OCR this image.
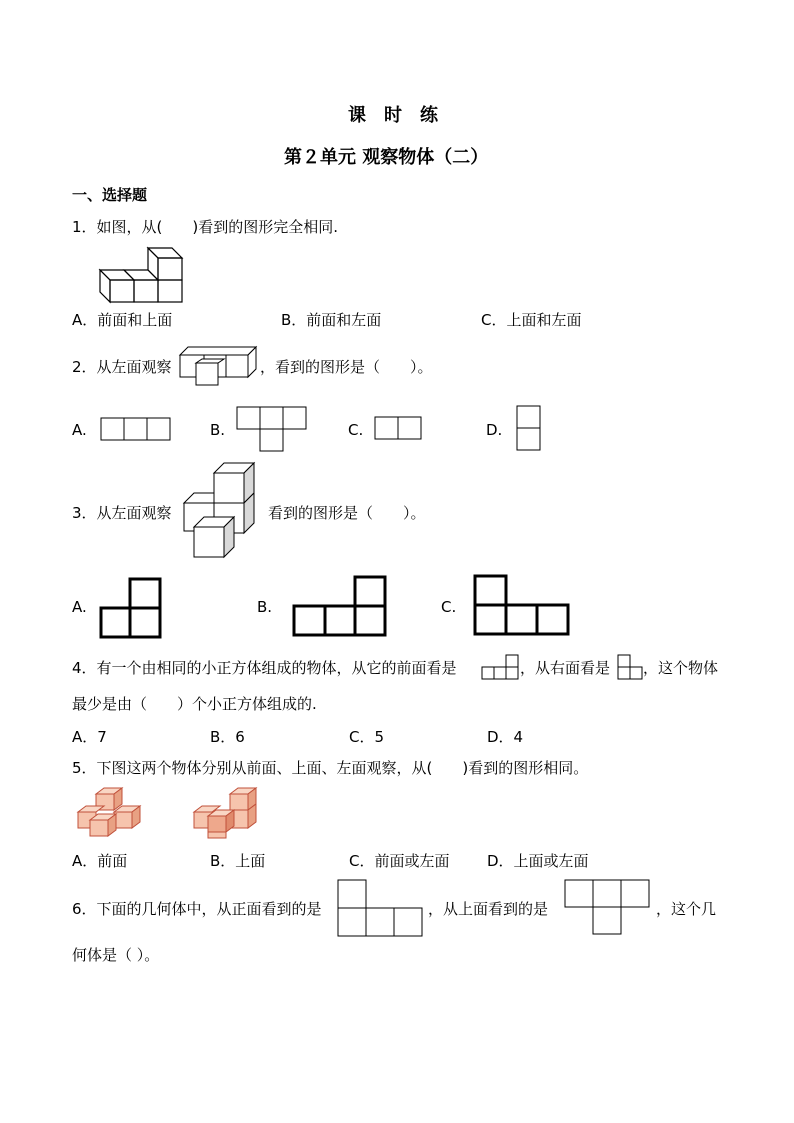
课　时　练
第２单元 观察物体（二）
一、选择题
1．如图，从(　　)看到的图形完全相同.
A．前面和上面	B．前面和左面	C．上面和左面
2．从左面观察	，看到的图形是（　　）。
A.	B.	C.	D.
3．从左面观察	看到的图形是（　　）。
A.	B.	C.
4．有一个由相同的小正方体组成的物体，从它的前面看是	，从右面看是 ，这个物体
最少是由（　　）个小正方体组成的.
A．7	B．6	C．5	D．4
5．下图这两个物体分别从前面、上面、左面观察，从(　　)看到的图形相同。
A．前面	B．上面	C．前面或左面	D．上面或左面
6．下面的几何体中，从正面看到的是	，从上面看到的是	，这个几
何体是（ ）。
